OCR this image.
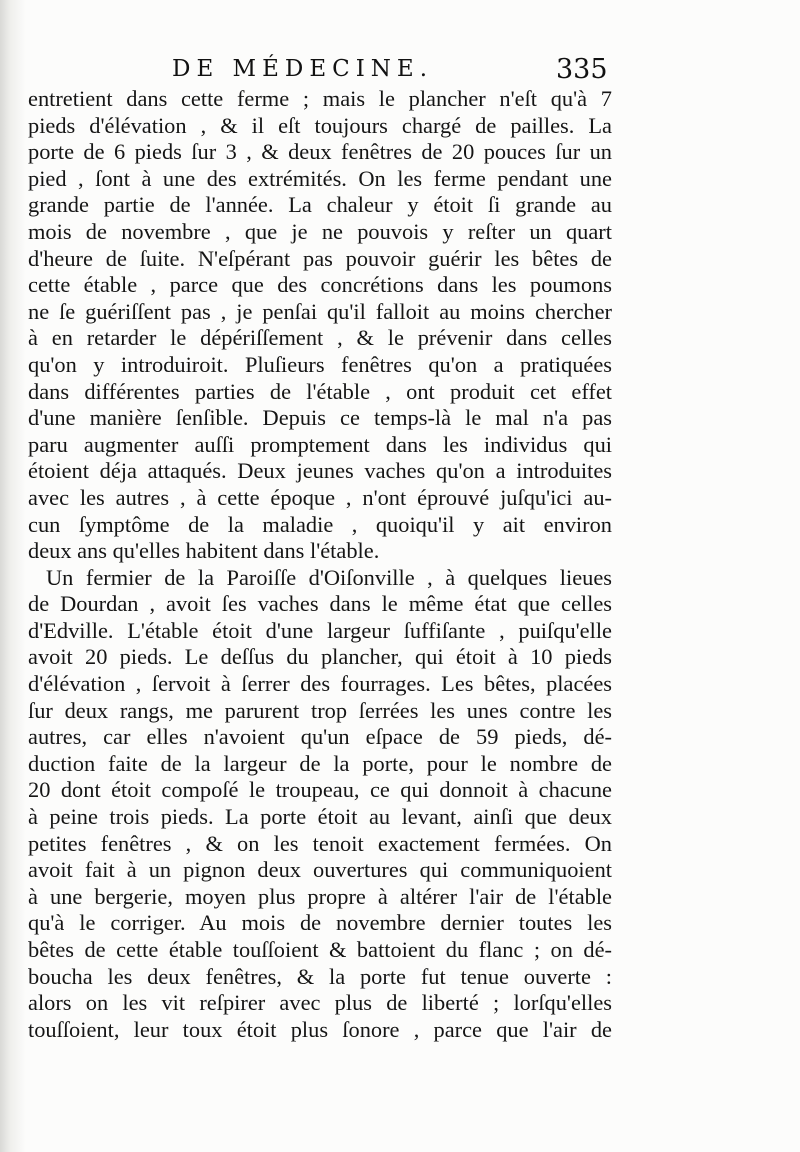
DE MÉDECINE.	335
entretient dans cette ferme ; mais le plancher n'eſt qu'à 7
pieds d'élévation , & il eſt toujours chargé de pailles. La
porte de 6 pieds ſur 3 , & deux fenêtres de 20 pouces ſur un
pied , ſont à une des extrémités. On les ferme pendant une
grande partie de l'année. La chaleur y étoit ſi grande au
mois de novembre , que je ne pouvois y reſter un quart
d'heure de ſuite. N'eſpérant pas pouvoir guérir les bêtes de
cette étable , parce que des concrétions dans les poumons
ne ſe guériſſent pas , je penſai qu'il falloit au moins chercher
à en retarder le dépériſſement , & le prévenir dans celles
qu'on y introduiroit. Pluſieurs fenêtres qu'on a pratiquées
dans différentes parties de l'étable , ont produit cet effet
d'une manière ſenſible. Depuis ce temps-là le mal n'a pas
paru augmenter auſſi promptement dans les individus qui
étoient déja attaqués. Deux jeunes vaches qu'on a introduites
avec les autres , à cette époque , n'ont éprouvé juſqu'ici au-
cun ſymptôme de la maladie , quoiqu'il y ait environ
deux ans qu'elles habitent dans l'étable.
Un fermier de la Paroiſſe d'Oiſonville , à quelques lieues
de Dourdan , avoit ſes vaches dans le même état que celles
d'Edville. L'étable étoit d'une largeur ſuffiſante , puiſqu'elle
avoit 20 pieds. Le deſſus du plancher, qui étoit à 10 pieds
d'élévation , ſervoit à ſerrer des fourrages. Les bêtes, placées
ſur deux rangs, me parurent trop ſerrées les unes contre les
autres, car elles n'avoient qu'un eſpace de 59 pieds, dé-
duction faite de la largeur de la porte, pour le nombre de
20 dont étoit compoſé le troupeau, ce qui donnoit à chacune
à peine trois pieds. La porte étoit au levant, ainſi que deux
petites fenêtres , & on les tenoit exactement fermées. On
avoit fait à un pignon deux ouvertures qui communiquoient
à une bergerie, moyen plus propre à altérer l'air de l'étable
qu'à le corriger. Au mois de novembre dernier toutes les
bêtes de cette étable touſſoient & battoient du flanc ; on dé-
boucha les deux fenêtres, & la porte fut tenue ouverte :
alors on les vit reſpirer avec plus de liberté ; lorſqu'elles
touſſoient, leur toux étoit plus ſonore , parce que l'air de
